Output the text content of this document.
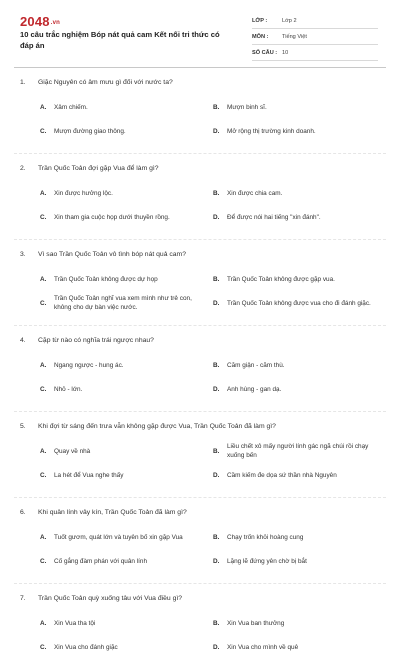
2048.vn
10 câu trắc nghiệm Bóp nát quả cam Kết nối tri thức có đáp án
LỚP :	Lớp 2
MÔN :	Tiếng Việt
SỐ CÂU : 10
1.	Giặc Nguyên có âm mưu gì đối với nước ta?
A.	Xâm chiếm.	B.	Mượn binh sĩ.
C.	Mượn đường giao thông.	D.	Mở rộng thị trường kinh doanh.
2.	Trần Quốc Toản đợi gặp Vua để làm gì?
A.	Xin được hưởng lộc.	B.	Xin được chia cam.
C.	Xin tham gia cuộc họp dưới thuyền rồng.	D.	Để được nói hai tiếng "xin đánh".
3.	Vì sao Trần Quốc Toản vô tình bóp nát quả cam?
A.	Trần Quốc Toản không được dự họp	B.	Trần Quốc Toản không được gặp vua.
C.
Trần Quốc Toản nghĩ vua xem mình như trẻ con, không cho dự bàn việc nước.
D.	Trần Quốc Toản không được vua cho đi đánh giặc.
4.	Cặp từ nào có nghĩa trái ngược nhau?
A.	Ngang ngược - hung ác.	B.	Căm giận - căm thù.
C.	Nhỏ - lớn.	D.	Anh hùng - gan dạ.
5.	Khi đợi từ sáng đến trưa vẫn không gặp được Vua, Trần Quốc Toản đã làm gì?
A.	Quay về nhà	B.
Liều chết xô mấy người lính gác ngã chúi rồi chạy xuống bến
C.	La hét để Vua nghe thấy	D.	Cầm kiếm đe dọa sứ thần nhà Nguyên
6.	Khi quân lính vây kín, Trần Quốc Toản đã làm gì?
A.	Tuốt gươm, quát lớn và tuyên bố xin gặp Vua	B.	Chạy trốn khỏi hoàng cung
C.	Cố gắng đàm phán với quân lính	D.	Lặng lẽ đứng yên chờ bị bắt
7.	Trần Quốc Toản quỳ xuống tâu với Vua điều gì?
A.	Xin Vua tha tội	B.	Xin Vua ban thưởng
C.	Xin Vua cho đánh giặc	D.	Xin Vua cho mình về quê
